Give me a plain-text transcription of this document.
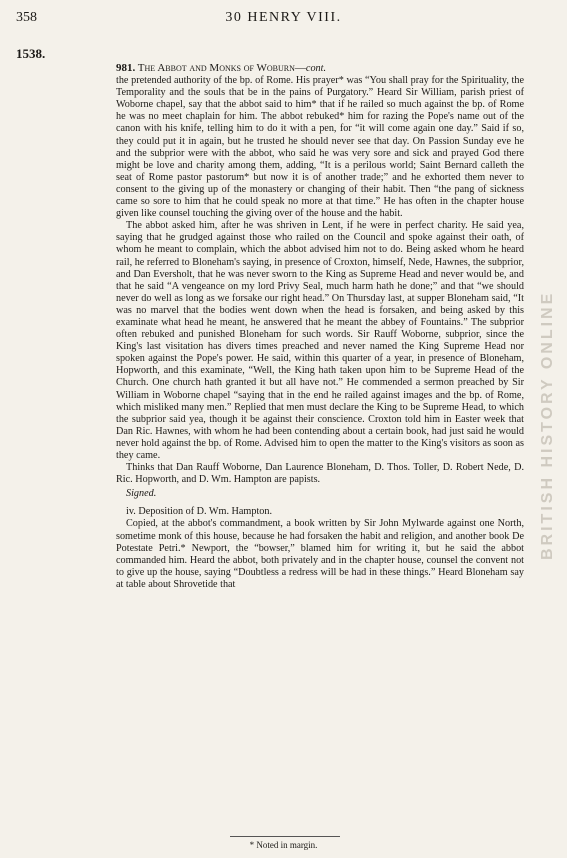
358	30 HENRY VIII.
1538.
BRITISH HISTORY ONLINE

981. The Abbot and Monks of Woburn—cont.

the pretended authority of the bp. of Rome. His prayer* was “You shall pray for the Spirituality, the Temporality and the souls that be in the pains of Purgatory.” Heard Sir William, parish priest of Woborne chapel, say that the abbot said to him* that if he railed so much against the bp. of Rome he was no meet chaplain for him. The abbot rebuked* him for razing the Pope's name out of the canon with his knife, telling him to do it with a pen, for “it will come again one day.” Said if so, they could put it in again, but he trusted he should never see that day. On Passion Sunday eve he and the subprior were with the abbot, who said he was very sore and sick and prayed God there might be love and charity among them, adding, “It is a perilous world; Saint Bernard calleth the seat of Rome pastor pastorum* but now it is of another trade;” and he exhorted them never to consent to the giving up of the monastery or changing of their habit. Then “the pang of sickness came so sore to him that he could speak no more at that time.” He has often in the chapter house given like counsel touching the giving over of the house and the habit.

The abbot asked him, after he was shriven in Lent, if he were in perfect charity. He said yea, saying that he grudged against those who railed on the Council and spoke against their oath, of whom he meant to complain, which the abbot advised him not to do. Being asked whom he heard rail, he referred to Bloneham's saying, in presence of Croxton, himself, Nede, Hawnes, the subprior, and Dan Eversholt, that he was never sworn to the King as Supreme Head and never would be, and that he said “A vengeance on my lord Privy Seal, much harm hath he done;” and that “we should never do well as long as we forsake our right head.” On Thursday last, at supper Bloneham said, “It was no marvel that the bodies went down when the head is forsaken, and being asked by this examinate what head he meant, he answered that he meant the abbey of Fountains.” The subprior often rebuked and punished Bloneham for such words. Sir Rauff Woborne, subprior, since the King's last visitation has divers times preached and never named the King Supreme Head nor spoken against the Pope's power. He said, within this quarter of a year, in presence of Bloneham, Hopworth, and this examinate, “Well, the King hath taken upon him to be Supreme Head of the Church. One church hath granted it but all have not.” He commended a sermon preached by Sir William in Woborne chapel “saying that in the end he railed against images and the bp. of Rome, which misliked many men.” Replied that men must declare the King to be Supreme Head, to which the subprior said yea, though it be against their conscience. Croxton told him in Easter week that Dan Ric. Hawnes, with whom he had been contending about a certain book, had just said he would never hold against the bp. of Rome. Advised him to open the matter to the King's visitors as soon as they came.

Thinks that Dan Rauff Woborne, Dan Laurence Bloneham, D. Thos. Toller, D. Robert Nede, D. Ric. Hopworth, and D. Wm. Hampton are papists.

Signed.

iv. Deposition of D. Wm. Hampton.

Copied, at the abbot's commandment, a book written by Sir John Mylwarde against one North, sometime monk of this house, because he had forsaken the habit and religion, and another book De Potestate Petri.* Newport, the “bowser,” blamed him for writing it, but he said the abbot commanded him. Heard the abbot, both privately and in the chapter house, counsel the convent not to give up the house, saying “Doubtless a redress will be had in these things.” Heard Bloneham say at table about Shrovetide that

* Noted in margin.
